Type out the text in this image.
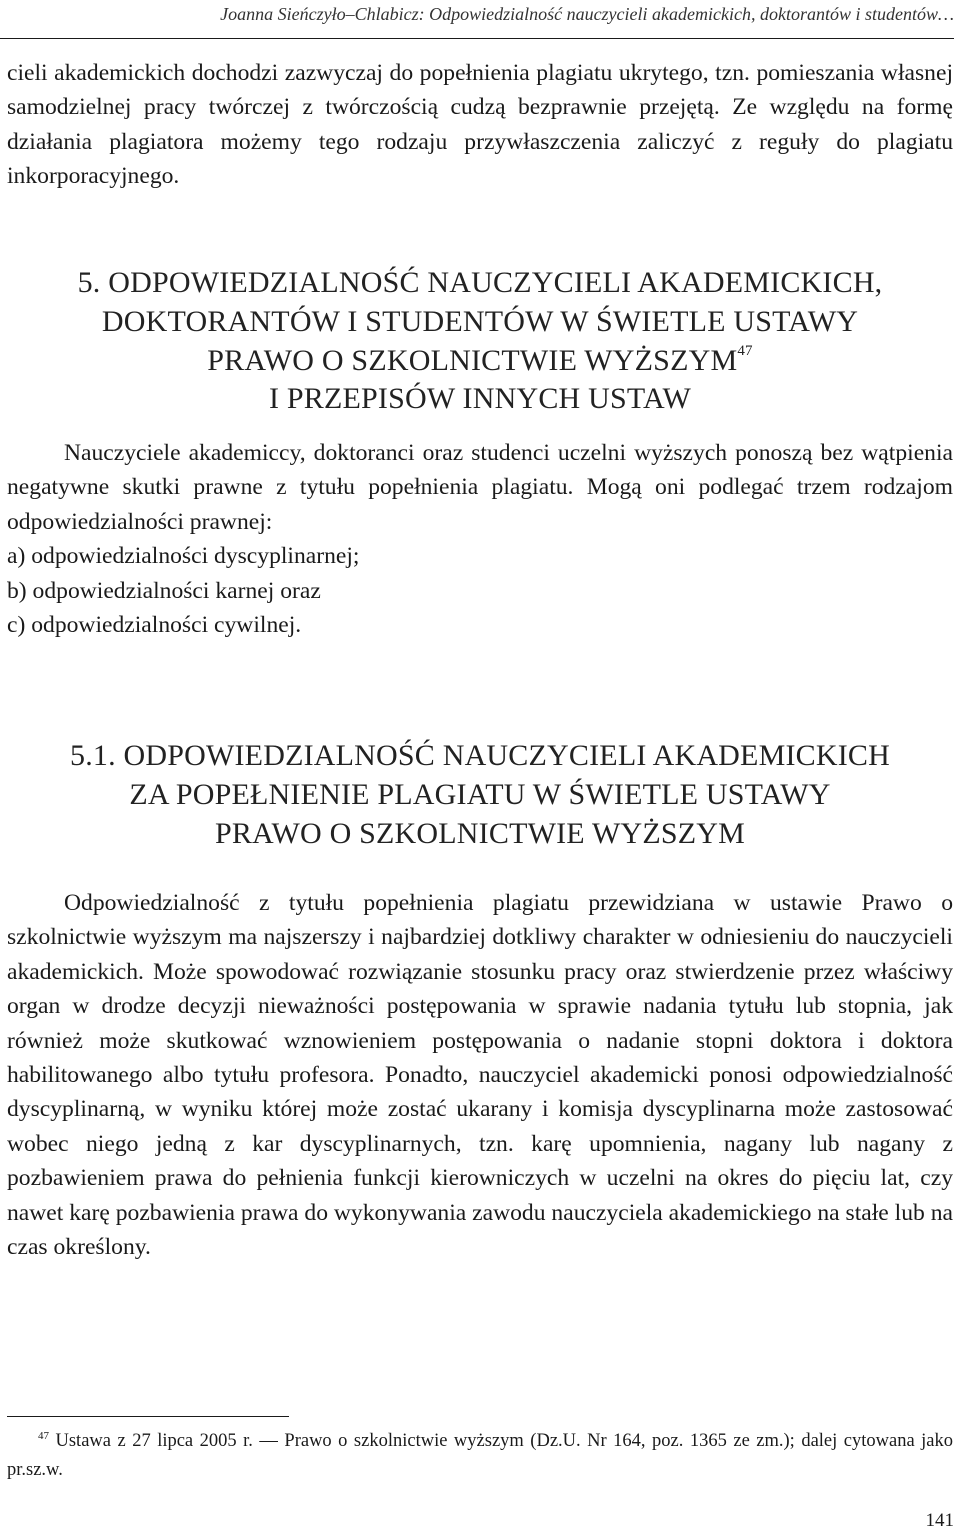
Joanna Sieńczyło–Chlabicz: Odpowiedzialność nauczycieli akademickich, doktorantów i studentów…

cieli akademickich dochodzi zazwyczaj do popełnienia plagiatu ukrytego, tzn. pomieszania własnej samodzielnej pracy twórczej z twórczością cudzą bezprawnie przejętą. Ze względu na formę działania plagiatora możemy tego rodzaju przywłaszczenia zaliczyć z reguły do plagiatu inkorporacyjnego.

5. ODPOWIEDZIALNOŚĆ NAUCZYCIELI AKADEMICKICH,
DOKTORANTÓW I STUDENTÓW W ŚWIETLE USTAWY
PRAWO O SZKOLNICTWIE WYŻSZYM$^{47}$
I PRZEPISÓW INNYCH USTAW

Nauczyciele akademiccy, doktoranci oraz studenci uczelni wyższych ponoszą bez wątpienia negatywne skutki prawne z tytułu popełnienia plagiatu. Mogą oni podlegać trzem rodzajom odpowiedzialności prawnej:

a) odpowiedzialności dyscyplinarnej;
b) odpowiedzialności karnej oraz
c) odpowiedzialności cywilnej.
5.1. ODPOWIEDZIALNOŚĆ NAUCZYCIELI AKADEMICKICH
ZA POPEŁNIENIE PLAGIATU W ŚWIETLE USTAWY
PRAWO O SZKOLNICTWIE WYŻSZYM

Odpowiedzialność z tytułu popełnienia plagiatu przewidziana w ustawie Prawo o szkolnictwie wyższym ma najszerszy i najbardziej dotkliwy charakter w odniesieniu do nauczycieli akademickich. Może spowodować rozwiązanie stosunku pracy oraz stwierdzenie przez właściwy organ w drodze decyzji nieważności postępowania w sprawie nadania tytułu lub stopnia, jak również może skutkować wznowieniem postępowania o nadanie stopni doktora i doktora habilitowanego albo tytułu profesora. Ponadto, nauczyciel akademicki ponosi odpowiedzialność dyscyplinarną, w wyniku której może zostać ukarany i komisja dyscyplinarna może zastosować wobec niego jedną z kar dyscyplinarnych, tzn. karę upomnienia, nagany lub nagany z pozbawieniem prawa do pełnienia funkcji kierowniczych w uczelni na okres do pięciu lat, czy nawet karę pozbawienia prawa do wykonywania zawodu nauczyciela akademickiego na stałe lub na czas określony.

$^{47}$ Ustawa z 27 lipca 2005 r. — Prawo o szkolnictwie wyższym (Dz.U. Nr 164, poz. 1365 ze zm.); dalej cytowana jako pr.sz.w.
141
